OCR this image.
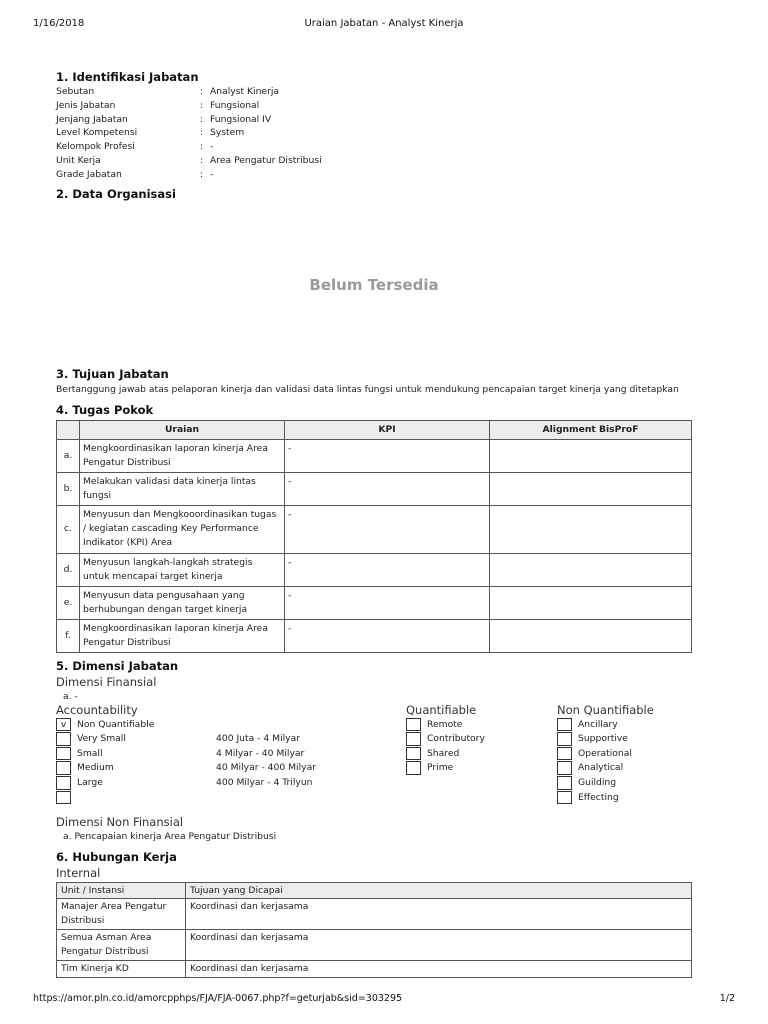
1/16/2018	Uraian Jabatan - Analyst Kinerja
1. Identifikasi Jabatan
Sebutan	: Analyst Kinerja
Jenis Jabatan	: Fungsional
Jenjang Jabatan	: Fungsional IV
Level Kompetensi	: System
Kelompok Profesi	: -
Unit Kerja	: Area Pengatur Distribusi
Grade Jabatan	: -
2. Data Organisasi
Belum Tersedia
3. Tujuan Jabatan
Bertanggung jawab atas pelaporan kinerja dan validasi data lintas fungsi untuk mendukung pencapaian target kinerja yang ditetapkan
4. Tugas Pokok
	Uraian	KPI	Alignment BisProF
a.	Mengkoordinasikan laporan kinerja Area Pengatur Distribusi	-	
b.	Melakukan validasi data kinerja lintas fungsi	-	
c.	Menyusun dan Mengkooordinasikan tugas / kegiatan cascading Key Performance Indikator (KPI) Area	-	
d.	Menyusun langkah-langkah strategis untuk mencapai target kinerja	-	
e.	Menyusun data pengusahaan yang berhubungan dengan target kinerja	-	
f.	Mengkoordinasikan laporan kinerja Area Pengatur Distribusi	-	
5. Dimensi Jabatan
Dimensi Finansial
a. -
Accountability
v	Non Quantifiable
Very Small	400 Juta - 4 Milyar
Small	4 Milyar - 40 Milyar
Medium	40 Milyar - 400 Milyar
Large	400 Milyar - 4 Trilyun
Quantifiable
Remote
Contributory
Shared
Prime
Non Quantifiable
Ancillary
Supportive
Operational
Analytical
Guilding
Effecting
Dimensi Non Finansial
a. Pencapaian kinerja Area Pengatur Distribusi
6. Hubungan Kerja
Internal
Unit / Instansi	Tujuan yang Dicapai
Manajer Area Pengatur Distribusi	Koordinasi dan kerjasama
Semua Asman Area Pengatur Distribusi	Koordinasi dan kerjasama
Tim Kinerja KD	Koordinasi dan kerjasama
https://amor.pln.co.id/amorcpphps/FJA/FJA-0067.php?f=geturjab&sid=303295	1/2
